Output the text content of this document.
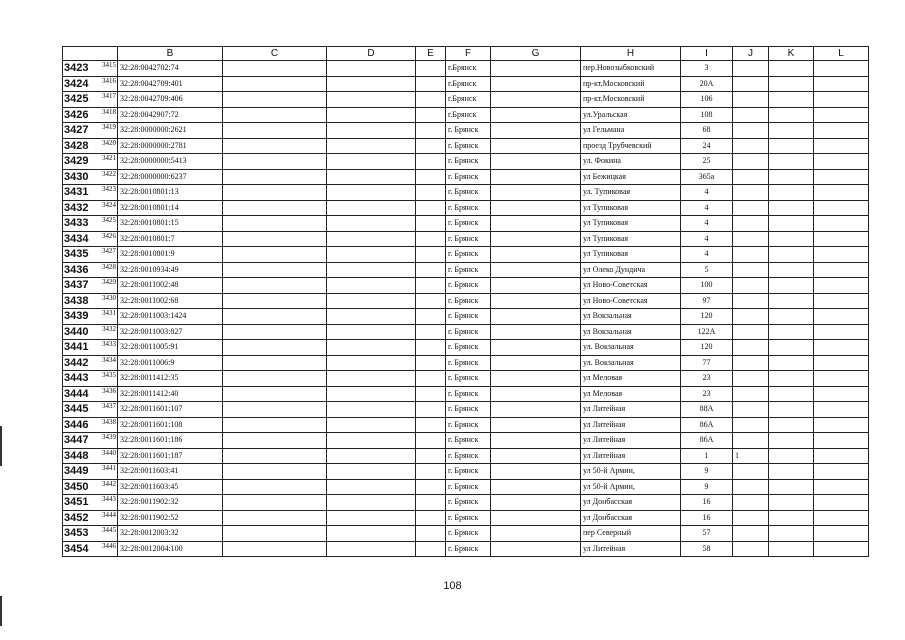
		B	C	D	E	F	G	H	I	J	K	L
3423 3415		32:28:0042702:74				г.Брянск		пер.Новозыбковский	3			
3424 3416		32:28:0042709:401				г.Брянск		пр-кт.Московский	20А			
3425 3417		32:28:0042709:406				г.Брянск		пр-кт.Московский	106			
3426 3418		32:28:0042907:72				г.Брянск		ул.Уральская	108			
3427 3419		32:28:0000000:2621				г. Брянск		ул Гельмана	68			
3428 3420		32:28:0000000:2781				г. Брянск		проезд Трубчевский	24			
3429 3421		32:28:0000000:5413				г. Брянск		ул. Фокина	25			
3430 3422		32:28:0000000:6237				г. Брянск		ул Бежицкая	365а			
3431 3423		32:28:0010801:13				г. Брянск		ул. Тупиковая	4			
3432 3424		32:28:0010801:14				г. Брянск		ул Тупиковая	4			
3433 3425		32:28:0010801:15				г. Брянск		ул Тупиковая	4			
3434 3426		32:28:0010801:7				г. Брянск		ул Тупиковая	4			
3435 3427		32:28:0010801:9				г. Брянск		ул Тупиковая	4			
3436 3428		32:28:0010934:49				г. Брянск		ул Олеко Дундича	5			
3437 3429		32:28:0011002:48				г. Брянск		ул Ново-Советская	100			
3438 3430		32:28:0011002:68				г. Брянск		ул Ново-Советская	97			
3439 3431		32:28:0011003:1424				г. Брянск		ул Вокзальная	120			
3440 3432		32:28:0011003:827				г. Брянск		ул Вокзальная	122А			
3441 3433		32:28:0011005:91				г. Брянск		ул. Вокзальная	120			
3442 3434		32:28:0011006:9				г. Брянск		ул. Вокзальная	77			
3443 3435		32:28:0011412:35				г. Брянск		ул Меловая	23			
3444 3436		32:28:0011412:40				г. Брянск		ул Меловая	23			
3445 3437		32:28:0011601:107				г. Брянск		ул Литейная	88А			
3446 3438		32:28:0011601:108				г. Брянск		ул Литейная	86А			
3447 3439		32:28:0011601:186				г. Брянск		ул Литейная	86А			
3448 3440		32:28:0011601:187				г. Брянск		ул Литейная	1	1		
3449 3441		32:28:0011603:41				г. Брянск		ул 50-й Армии,	9			
3450 3442		32:28:0011603:45				г. Брянск		ул 50-й Армии,	9			
3451 3443		32:28:0011902:32				г. Брянск		ул Донбасская	16			
3452 3444		32:28:0011902:52				г. Брянск		ул Донбасская	16			
3453 3445		32:28:0012003:32				г. Брянск		пер Северный	57			
3454 3446		32:28:0012004:100				г. Брянск		ул Литейная	58			
108
